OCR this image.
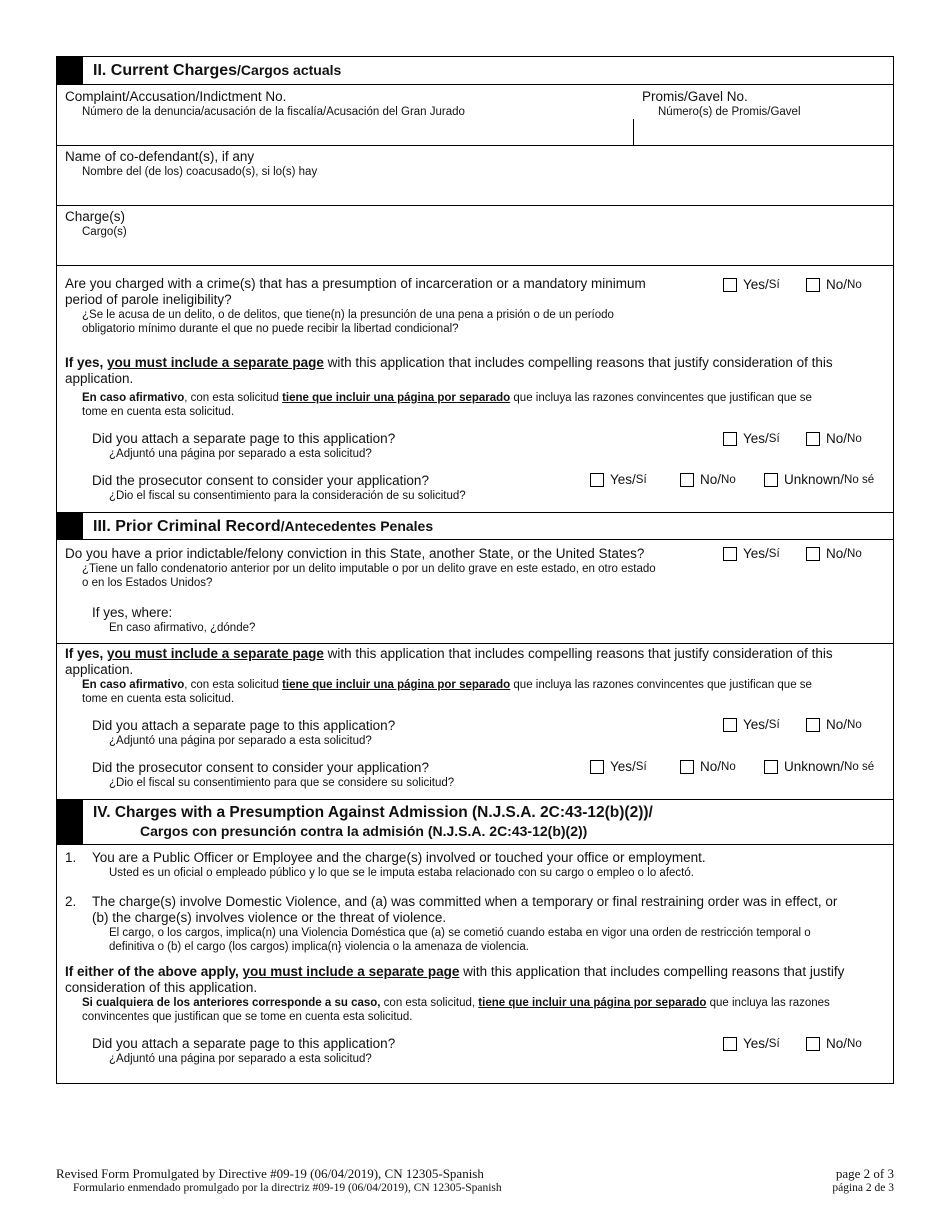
II. Current Charges/Cargos actuals
Complaint/Accusation/Indictment No.
Número de la denuncia/acusación de la fiscalía/Acusación del Gran Jurado
Promis/Gavel No.
Número(s) de Promis/Gavel
Name of co-defendant(s), if any
Nombre del (de los) coacusado(s), si lo(s) hay
Charge(s)
Cargo(s)
Are you charged with a crime(s) that has a presumption of incarceration or a mandatory minimum
period of parole ineligibility?
¿Se le acusa de un delito, o de delitos, que tiene(n) la presunción de una pena a prisión o de un período
obligatorio mínimo durante el que no puede recibir la libertad condicional?
Yes/ Sí	No/ No
If yes, you must include a separate page with this application that includes compelling reasons that justify consideration of this
application.
En caso afirmativo, con esta solicitud tiene que incluir una página por separado que incluya las razones convincentes que justifican que se
tome en cuenta esta solicitud.
Did you attach a separate page to this application?
¿Adjuntó una página por separado a esta solicitud?
Yes/ Sí	No/ No
Did the prosecutor consent to consider your application?
¿Dio el fiscal su consentimiento para la consideración de su solicitud?
Yes/ Sí	No/ No	Unknown/ No sé
III. Prior Criminal Record/Antecedentes Penales
Do you have a prior indictable/felony conviction in this State, another State, or the United States?
¿Tiene un fallo condenatorio anterior por un delito imputable o por un delito grave en este estado, en otro estado
o en los Estados Unidos?
Yes/ Sí	No/ No
If yes, where:
En caso afirmativo, ¿dónde?
If yes, you must include a separate page with this application that includes compelling reasons that justify consideration of this
application.
En caso afirmativo, con esta solicitud tiene que incluir una página por separado que incluya las razones convincentes que justifican que se
tome en cuenta esta solicitud.
Did you attach a separate page to this application?
¿Adjuntó una página por separado a esta solicitud?
Yes/ Sí	No/ No
Did the prosecutor consent to consider your application?
¿Dio el fiscal su consentimiento para que se considere su solicitud?
Yes/ Sí	No/ No	Unknown/ No sé
IV. Charges with a Presumption Against Admission (N.J.S.A. 2C:43-12(b)(2))/
Cargos con presunción contra la admisión (N.J.S.A. 2C:43-12(b)(2))
1. You are a Public Officer or Employee and the charge(s) involved or touched your office or employment.
Usted es un oficial o empleado público y lo que se le imputa estaba relacionado con su cargo o empleo o lo afectó.
2. The charge(s) involve Domestic Violence, and (a) was committed when a temporary or final restraining order was in effect, or
(b) the charge(s) involves violence or the threat of violence.
El cargo, o los cargos, implica(n) una Violencia Doméstica que (a) se cometió cuando estaba en vigor una orden de restricción temporal o
definitiva o (b) el cargo (los cargos) implica(n} violencia o la amenaza de violencia.
If either of the above apply, you must include a separate page with this application that includes compelling reasons that justify
consideration of this application.
Si cualquiera de los anteriores corresponde a su caso, con esta solicitud, tiene que incluir una página por separado que incluya las razones
convincentes que justifican que se tome en cuenta esta solicitud.
Did you attach a separate page to this application?
¿Adjuntó una página por separado a esta solicitud?
Yes/ Sí	No/ No
Revised Form Promulgated by Directive #09-19 (06/04/2019), CN 12305-Spanish
Formulario enmendado promulgado por la directriz #09-19 (06/04/2019), CN 12305-Spanish
page 2 of 3
página 2 de 3
